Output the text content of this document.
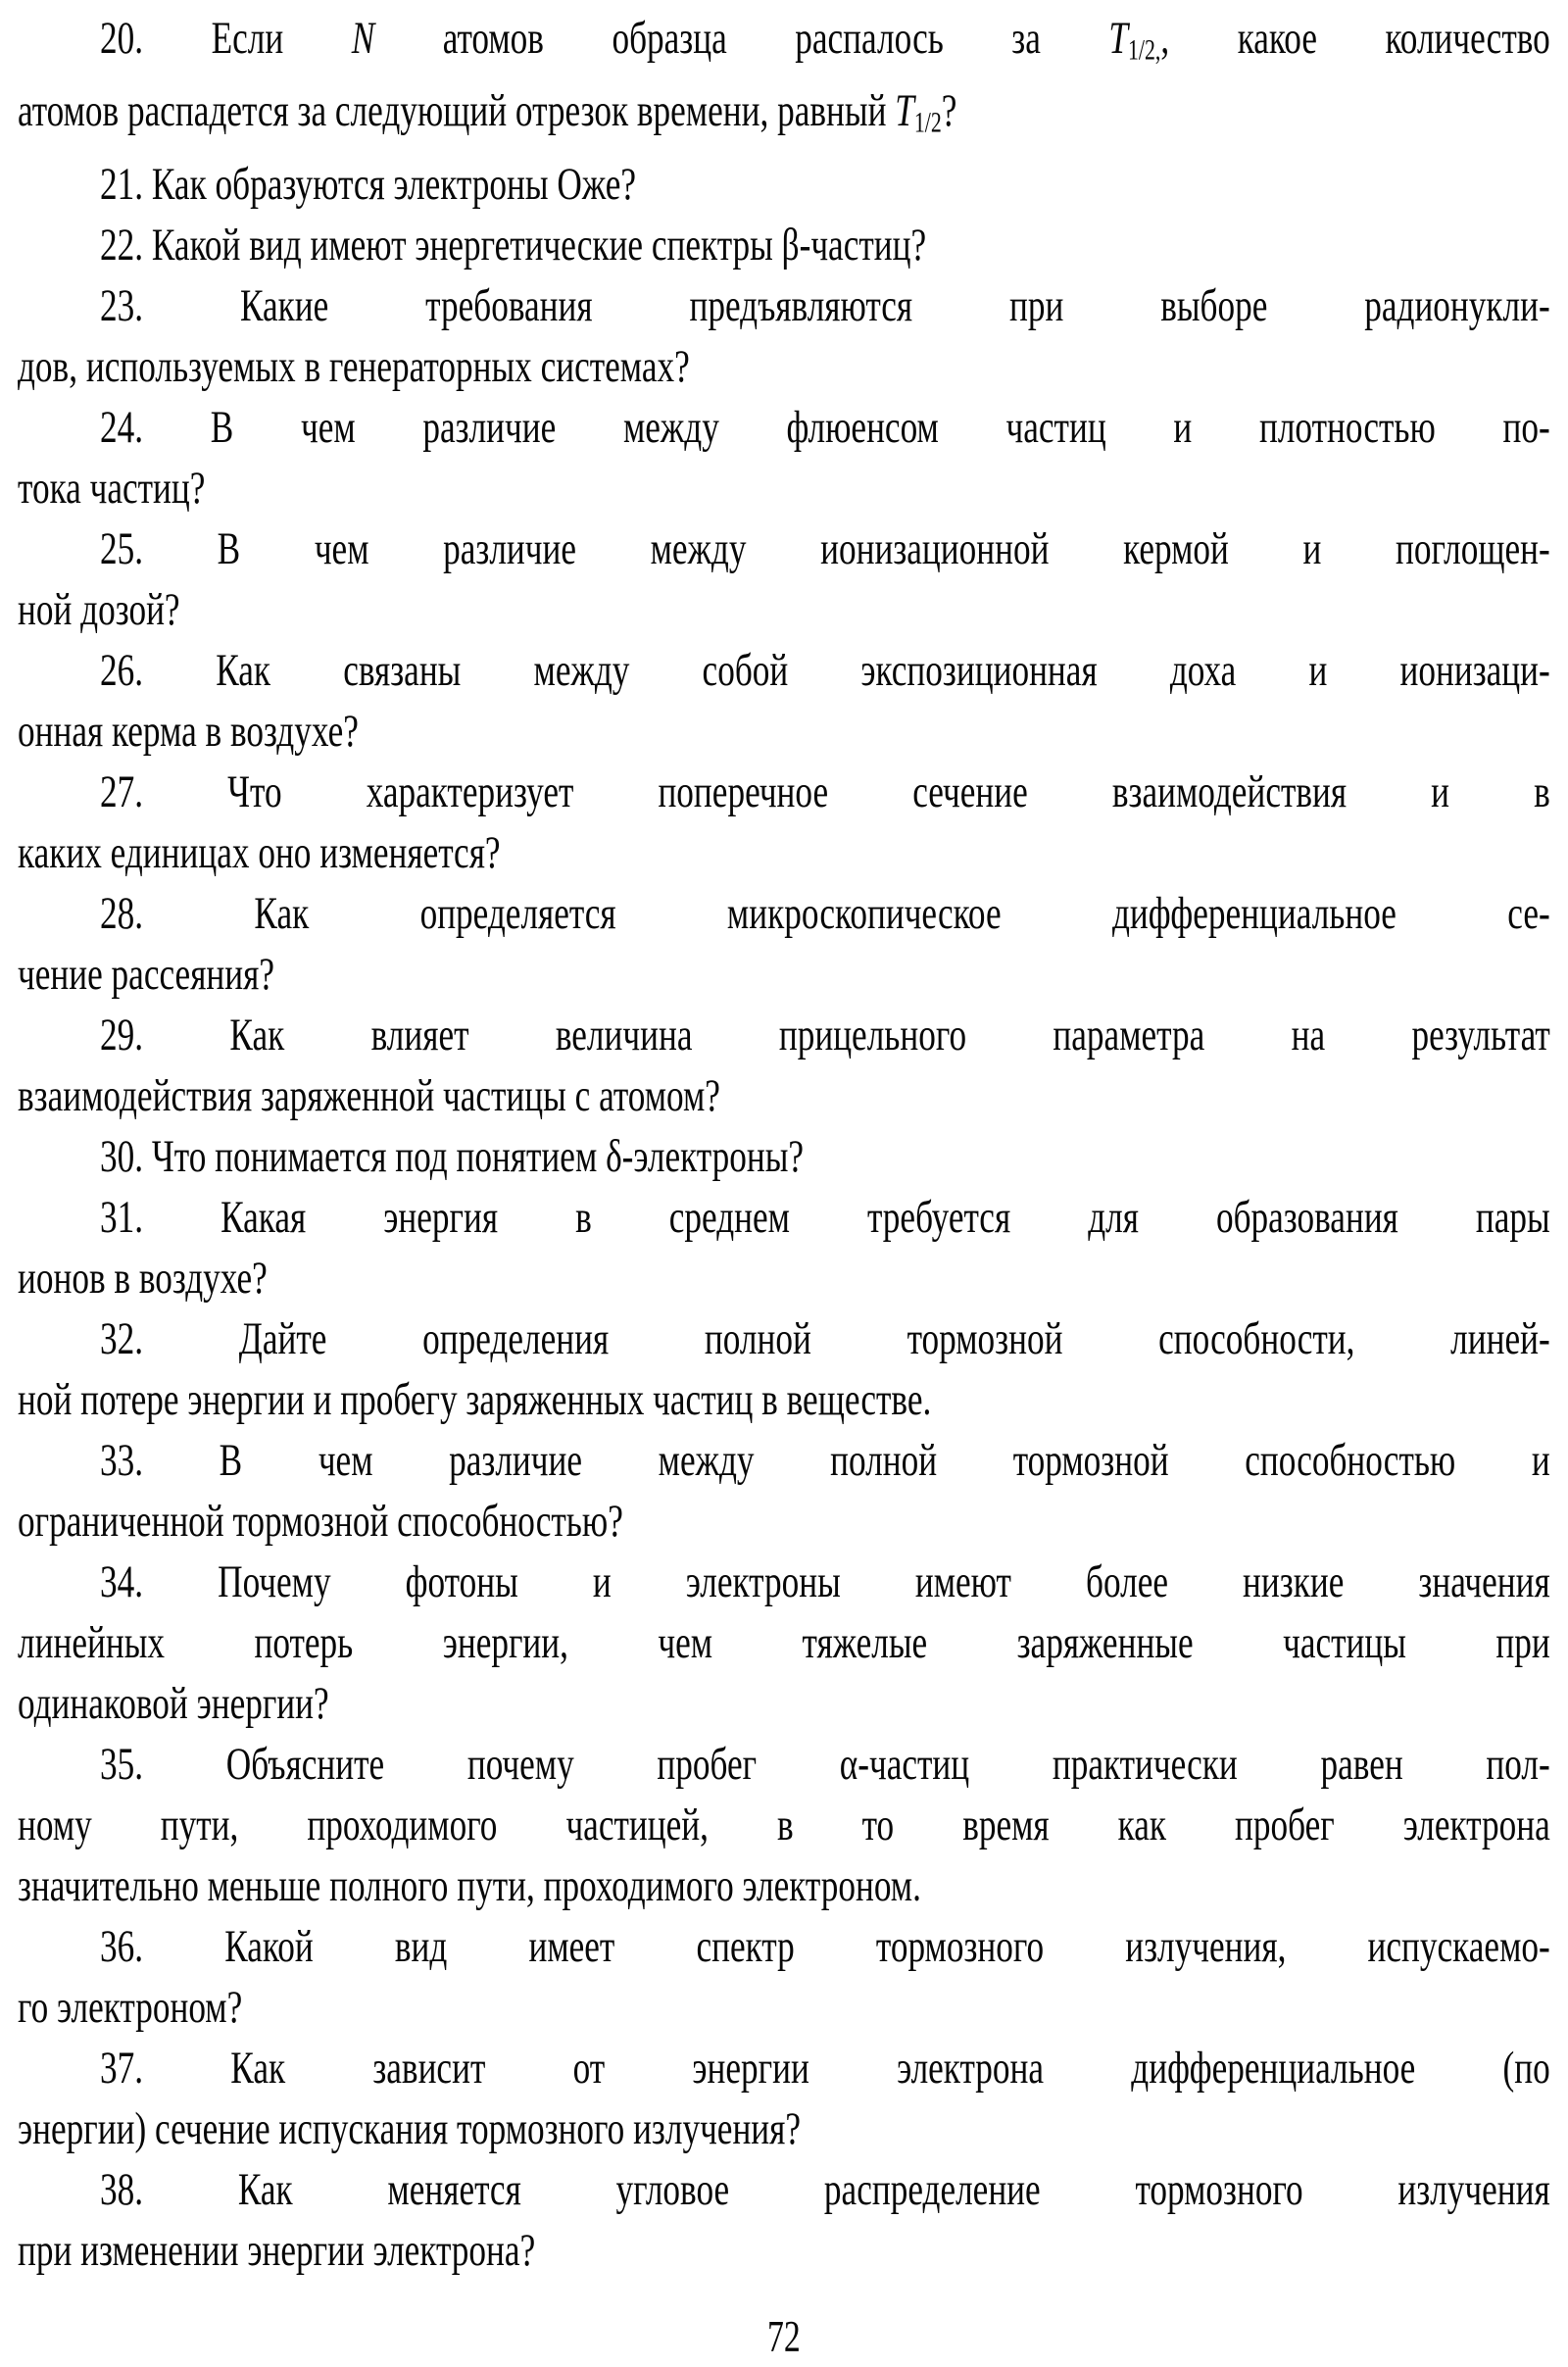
20. Если N атомов образца распалось за T1/2,, какое количество
атомов распадется за следующий отрезок времени, равный T1/2?
21. Как образуются электроны Оже?
22. Какой вид имеют энергетические спектры β-частиц?
23. Какие требования предъявляются при выборе радионукли-
дов, используемых в генераторных системах?
24. В чем различие между флюенсом частиц и плотностью по-
тока частиц?
25. В чем различие между ионизационной кермой и поглощен-
ной дозой?
26. Как связаны между собой экспозиционная доха и ионизаци-
онная керма в воздухе?
27. Что характеризует поперечное сечение взаимодействия и в
каких единицах оно изменяется?
28. Как определяется микроскопическое дифференциальное се-
чение рассеяния?
29. Как влияет величина прицельного параметра на результат
взаимодействия заряженной частицы с атомом?
30. Что понимается под понятием δ-электроны?
31. Какая энергия в среднем требуется для образования пары
ионов в воздухе?
32. Дайте определения полной тормозной способности, линей-
ной потере энергии и пробегу заряженных частиц в веществе.
33. В чем различие между полной тормозной способностью и
ограниченной тормозной способностью?
34. Почему фотоны и электроны имеют более низкие значения
линейных потерь энергии, чем тяжелые заряженные частицы при
одинаковой энергии?
35. Объясните почему пробег α-частиц практически равен пол-
ному пути, проходимого частицей, в то время как пробег электрона
значительно меньше полного пути, проходимого электроном.
36. Какой вид имеет спектр тормозного излучения, испускаемо-
го электроном?
37. Как зависит от энергии электрона дифференциальное (по
энергии) сечение испускания тормозного излучения?
38. Как меняется угловое распределение тормозного излучения
при изменении энергии электрона?
72
